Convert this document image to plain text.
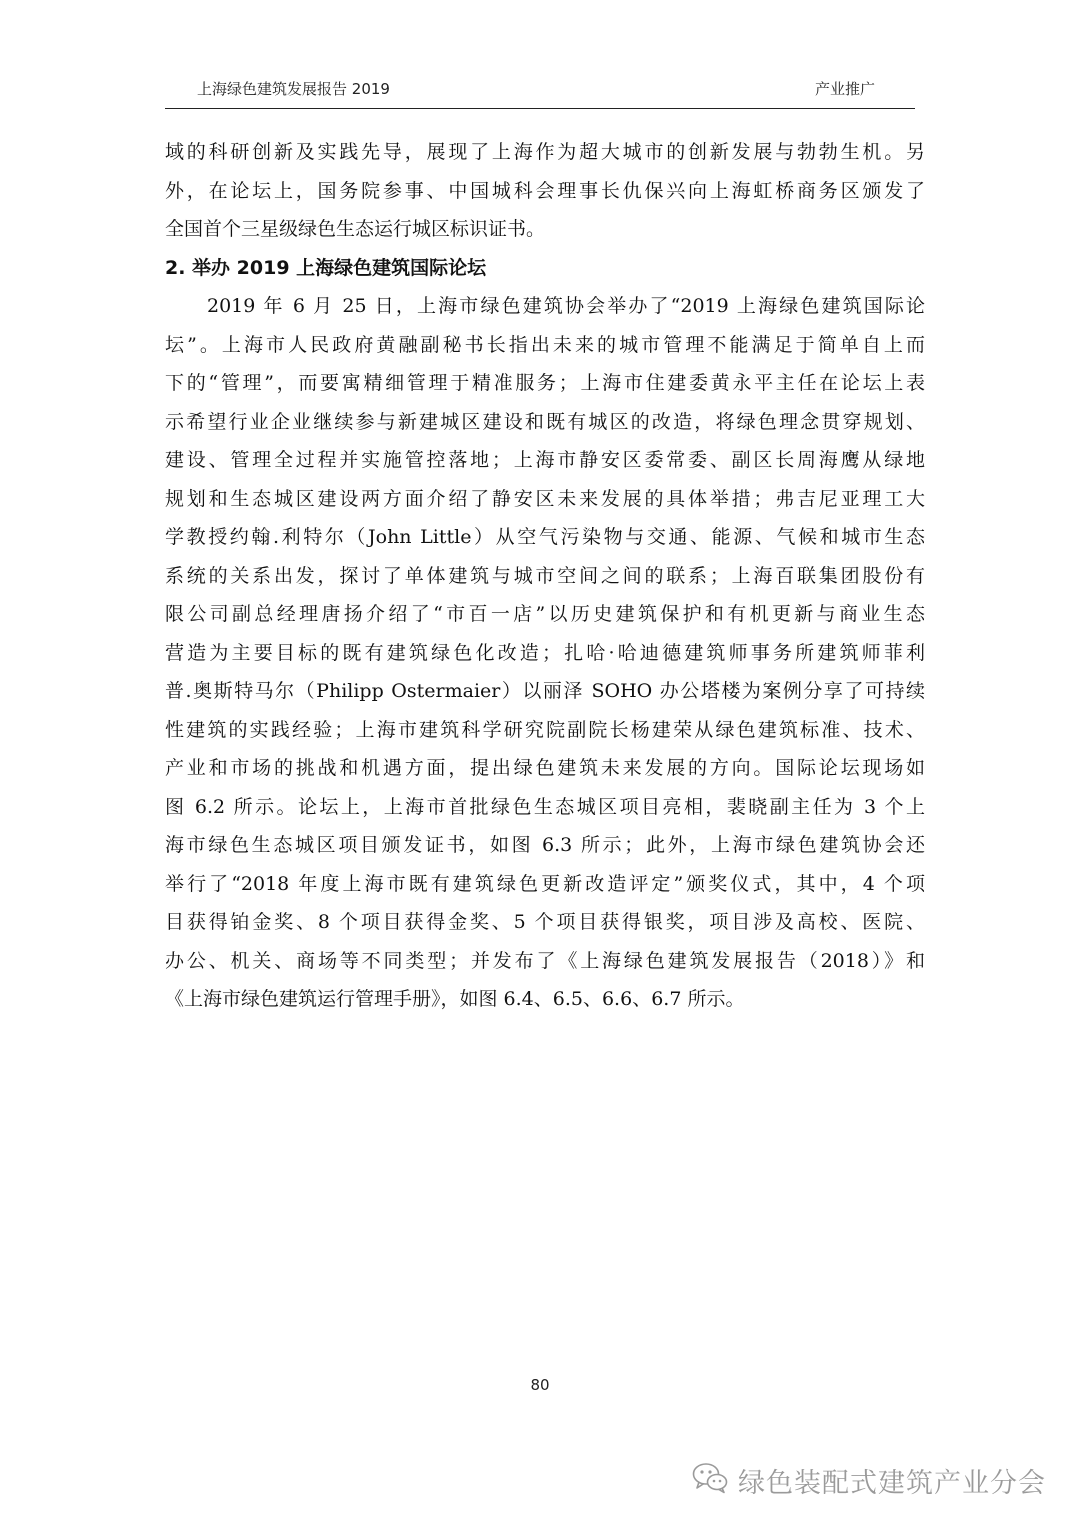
上海绿色建筑发展报告 2019	产业推广
域的科研创新及实践先导，展现了上海作为超大城市的创新发展与勃勃生机。另
外，在论坛上，国务院参事、中国城科会理事长仇保兴向上海虹桥商务区颁发了
全国首个三星级绿色生态运行城区标识证书。
2. 举办 2019 上海绿色建筑国际论坛
2019 年 6 月 25 日，上海市绿色建筑协会举办了“2019 上海绿色建筑国际论
坛”。上海市人民政府黄融副秘书长指出未来的城市管理不能满足于简单自上而
下的“管理”，而要寓精细管理于精准服务；上海市住建委黄永平主任在论坛上表
示希望行业企业继续参与新建城区建设和既有城区的改造，将绿色理念贯穿规划、
建设、管理全过程并实施管控落地；上海市静安区委常委、副区长周海鹰从绿地
规划和生态城区建设两方面介绍了静安区未来发展的具体举措；弗吉尼亚理工大
学教授约翰.利特尔（John Little）从空气污染物与交通、能源、气候和城市生态
系统的关系出发，探讨了单体建筑与城市空间之间的联系；上海百联集团股份有
限公司副总经理唐扬介绍了“市百一店”以历史建筑保护和有机更新与商业生态
营造为主要目标的既有建筑绿色化改造；扎哈·哈迪德建筑师事务所建筑师菲利
普.奥斯特马尔（Philipp Ostermaier）以丽泽 SOHO 办公塔楼为案例分享了可持续
性建筑的实践经验；上海市建筑科学研究院副院长杨建荣从绿色建筑标准、技术、
产业和市场的挑战和机遇方面，提出绿色建筑未来发展的方向。国际论坛现场如
图 6.2 所示。论坛上，上海市首批绿色生态城区项目亮相，裴晓副主任为 3 个上
海市绿色生态城区项目颁发证书，如图 6.3 所示；此外，上海市绿色建筑协会还
举行了“2018 年度上海市既有建筑绿色更新改造评定”颁奖仪式，其中，4 个项
目获得铂金奖、8 个项目获得金奖、5 个项目获得银奖，项目涉及高校、医院、
办公、机关、商场等不同类型；并发布了《上海绿色建筑发展报告（2018）》和
《上海市绿色建筑运行管理手册》，如图 6.4、6.5、6.6、6.7 所示。
80
绿色装配式建筑产业分会
